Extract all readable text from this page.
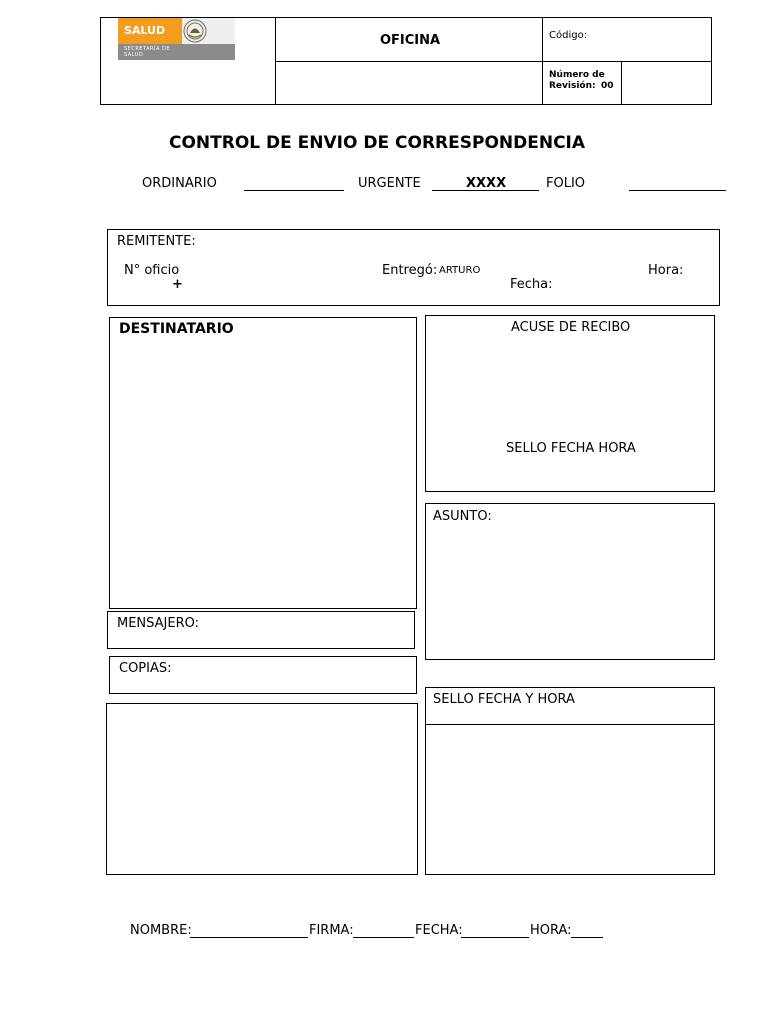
SALUD
SECRETARÍA DE SALUD
OFICINA	Código:
Número de Revisión: 00
CONTROL DE ENVIO DE CORRESPONDENCIA
ORDINARIO	URGENTE	XXXX	FOLIO
REMITENTE:
N° oficio
+
Entregó: ARTURO
Fecha:
Hora:
DESTINATARIO	ACUSE DE RECIBO
SELLO FECHA HORA
ASUNTO:
MENSAJERO:
COPIAS:
SELLO FECHA Y HORA
NOMBRE:	FIRMA:	FECHA:	HORA:
